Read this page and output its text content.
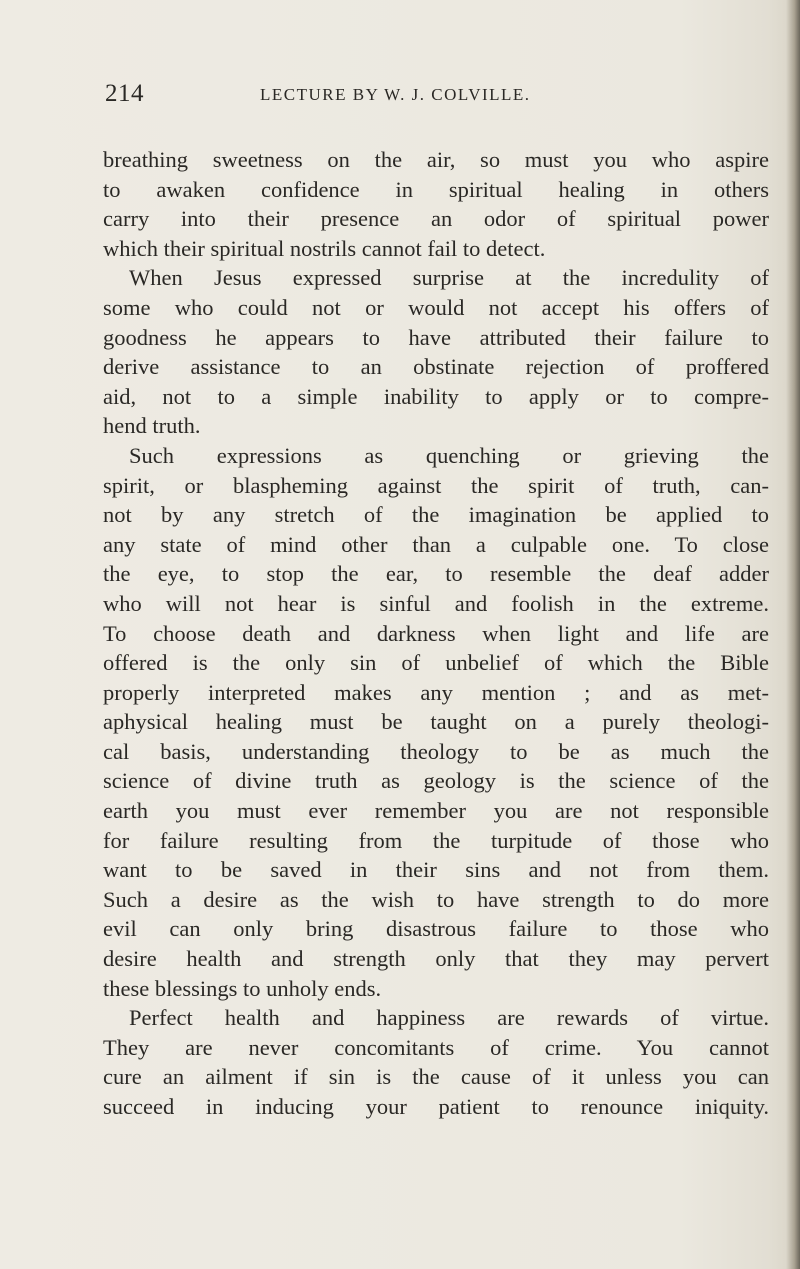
214	LECTURE BY W. J. COLVILLE.
breathing sweetness on the air, so must you who aspire
to awaken confidence in spiritual healing in others
carry into their presence an odor of spiritual power
which their spiritual nostrils cannot fail to detect.
When Jesus expressed surprise at the incredulity of
some who could not or would not accept his offers of
goodness he appears to have attributed their failure to
derive assistance to an obstinate rejection of proffered
aid, not to a simple inability to apply or to compre-
hend truth.
Such expressions as quenching or grieving the
spirit, or blaspheming against the spirit of truth, can-
not by any stretch of the imagination be applied to
any state of mind other than a culpable one. To close
the eye, to stop the ear, to resemble the deaf adder
who will not hear is sinful and foolish in the extreme.
To choose death and darkness when light and life are
offered is the only sin of unbelief of which the Bible
properly interpreted makes any mention ; and as met-
aphysical healing must be taught on a purely theologi-
cal basis, understanding theology to be as much the
science of divine truth as geology is the science of the
earth you must ever remember you are not responsible
for failure resulting from the turpitude of those who
want to be saved in their sins and not from them.
Such a desire as the wish to have strength to do more
evil can only bring disastrous failure to those who
desire health and strength only that they may pervert
these blessings to unholy ends.
Perfect health and happiness are rewards of virtue.
They are never concomitants of crime. You cannot
cure an ailment if sin is the cause of it unless you can
succeed in inducing your patient to renounce iniquity.
